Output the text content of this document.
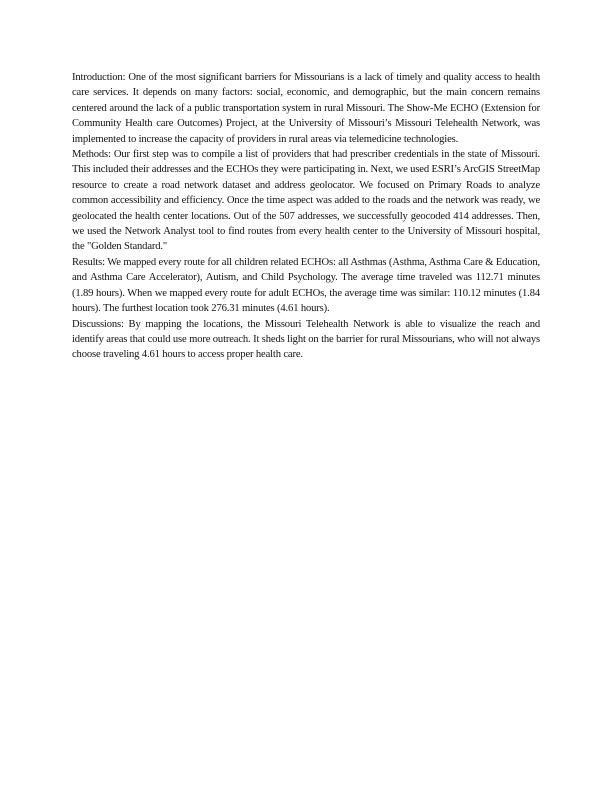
Introduction: One of the most significant barriers for Missourians is a lack of timely and quality access to health care services. It depends on many factors: social, economic, and demographic, but the main concern remains centered around the lack of a public transportation system in rural Missouri. The Show-Me ECHO (Extension for Community Health care Outcomes) Project, at the University of Missouri’s Missouri Telehealth Network, was implemented to increase the capacity of providers in rural areas via telemedicine technologies.

Methods: Our first step was to compile a list of providers that had prescriber credentials in the state of Missouri. This included their addresses and the ECHOs they were participating in. Next, we used ESRI’s ArcGIS StreetMap resource to create a road network dataset and address geolocator. We focused on Primary Roads to analyze common accessibility and efficiency. Once the time aspect was added to the roads and the network was ready, we geolocated the health center locations. Out of the 507 addresses, we successfully geocoded 414 addresses. Then, we used the Network Analyst tool to find routes from every health center to the University of Missouri hospital, the "Golden Standard."

Results: We mapped every route for all children related ECHOs: all Asthmas (Asthma, Asthma Care & Education, and Asthma Care Accelerator), Autism, and Child Psychology. The average time traveled was 112.71 minutes (1.89 hours). When we mapped every route for adult ECHOs, the average time was similar: 110.12 minutes (1.84 hours). The furthest location took 276.31 minutes (4.61 hours).

Discussions: By mapping the locations, the Missouri Telehealth Network is able to visualize the reach and identify areas that could use more outreach. It sheds light on the barrier for rural Missourians, who will not always choose traveling 4.61 hours to access proper health care.
